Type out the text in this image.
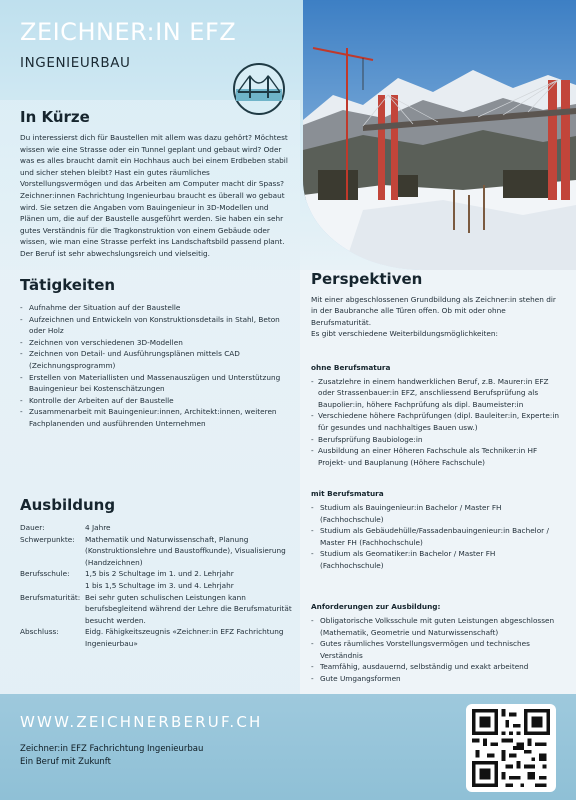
ZEICHNER:IN EFZ

INGENIEURBAU

In Kürze

Du interessierst dich für Baustellen mit allem was dazu gehört? Möchtest wissen wie eine Strasse oder ein Tunnel geplant und gebaut wird? Oder was es alles braucht damit ein Hochhaus auch bei einem Erdbeben stabil und sicher stehen bleibt? Hast ein gutes räumliches Vorstellungsvermögen und das Arbeiten am Computer macht dir Spass? Zeichner:innen Fachrichtung Ingenieurbau braucht es überall wo gebaut wird. Sie setzen die Angaben vom Bauingenieur in 3D-Modellen und Plänen um, die auf der Baustelle ausgeführt werden. Sie haben ein sehr gutes Verständnis für die Tragkonstruktion von einem Gebäude oder wissen, wie man eine Strasse perfekt ins Landschaftsbild passend plant. Der Beruf ist sehr abwechslungsreich und vielseitig.

Tätigkeiten
- Aufnahme der Situation auf der Baustelle
- Aufzeichnen und Entwickeln von Konstruktionsdetails in Stahl, Beton oder Holz
- Zeichnen von verschiedenen 3D-Modellen
- Zeichnen von Detail- und Ausführungsplänen mittels CAD (Zeichnungsprogramm)
- Erstellen von Materiallisten und Massenauszügen und Unterstützung Bauingenieur bei Kostenschätzungen
- Kontrolle der Arbeiten auf der Baustelle
- Zusammenarbeit mit Bauingenieur:innen, Architekt:innen, weiteren Fachplanenden und ausführenden Unternehmen
Perspektiven

Mit einer abgeschlossenen Grundbildung als Zeichner:in stehen dir in der Baubranche alle Türen offen. Ob mit oder ohne Berufsmaturität.

Es gibt verschiedene Weiterbildungsmöglichkeiten:

ohne Berufsmatura

- Zusatzlehre in einem handwerklichen Beruf, z.B. Maurer:in EFZ oder Strassenbauer:in EFZ, anschliessend Berufsprüfung als Baupolier:in, höhere Fachprüfung als dipl. Baumeister:in
- Verschiedene höhere Fachprüfungen (dipl. Bauleiter:in, Experte:in für gesundes und nachhaltiges Bauen usw.)
- Berufsprüfung Baubiologe:in
- Ausbildung an einer Höheren Fachschule als Techniker:in HF Projekt- und Bauplanung (Höhere Fachschule)

mit Berufsmatura

- Studium als Bauingenieur:in Bachelor / Master FH (Fachhochschule)
- Studium als Gebäudehülle/Fassadenbauingenieur:in Bachelor / Master FH (Fachhochschule)
- Studium als Geomatiker:in Bachelor / Master FH (Fachhochschule)

Anforderungen zur Ausbildung:

- Obligatorische Volksschule mit guten Leistungen abgeschlossen (Mathematik, Geometrie und Naturwissenschaft)
- Gutes räumliches Vorstellungsvermögen und technisches Verständnis
- Teamfähig, ausdauernd, selbständig und exakt arbeitend
- Gute Umgangsformen
Ausbildung
Dauer:	4 Jahre
Schwerpunkte:	Mathematik und Naturwissenschaft, Planung (Konstruktionslehre und Baustoffkunde), Visualisierung (Handzeichnen)
Berufsschule:	1,5 bis 2 Schultage im 1. und 2. Lehrjahr
	1 bis 1,5 Schultage im 3. und 4. Lehrjahr
Berufsmaturität:	Bei sehr guten schulischen Leistungen kann berufsbegleitend während der Lehre die Berufsmaturität besucht werden.
Abschluss:	Eidg. Fähigkeitszeugnis «Zeichner:in EFZ Fachrichtung Ingenieurbau»

WWW.ZEICHNERBERUF.CH

Zeichner:in EFZ Fachrichtung Ingenieurbau

Ein Beruf mit Zukunft
